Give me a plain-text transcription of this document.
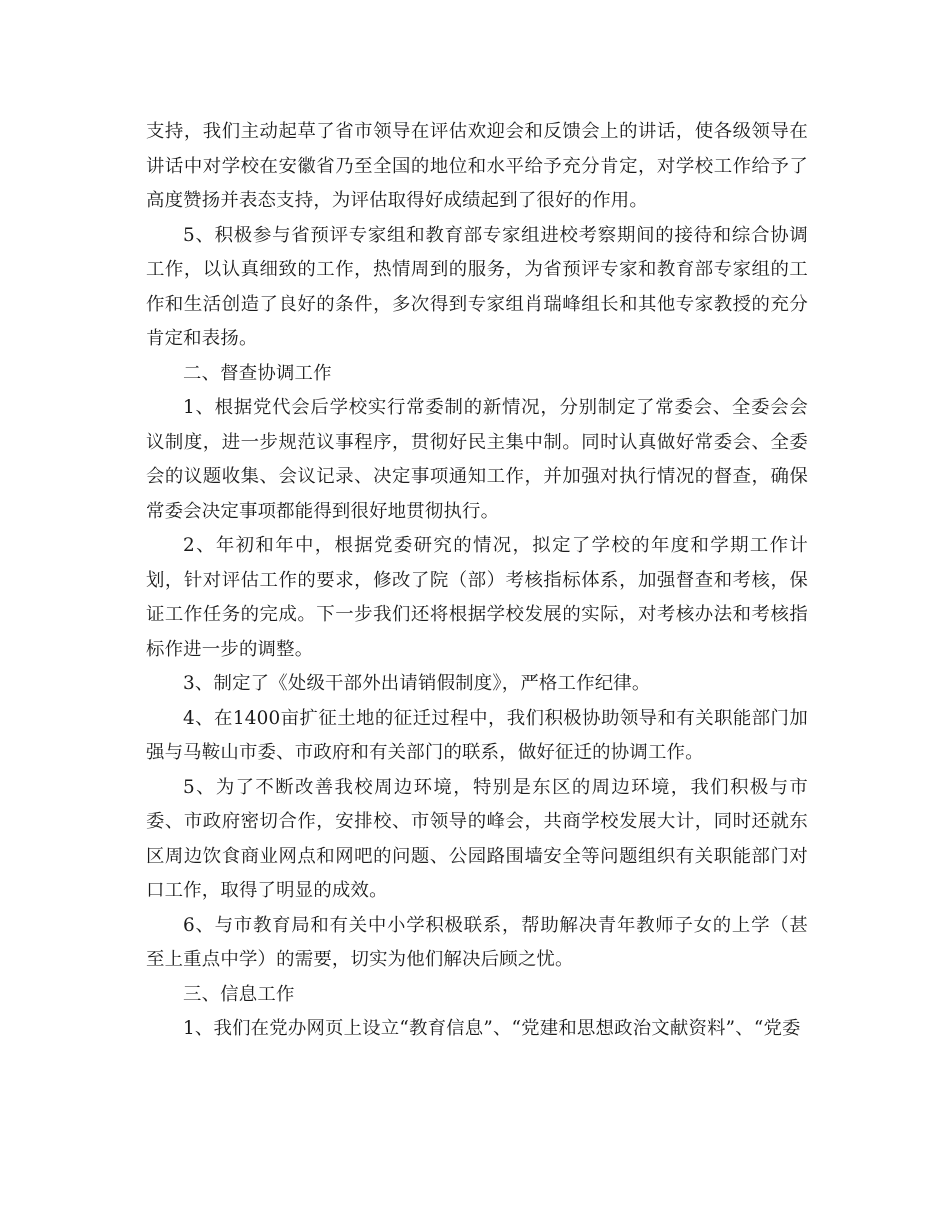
支持，我们主动起草了省市领导在评估欢迎会和反馈会上的讲话，使各级领导在讲话中对学校在安徽省乃至全国的地位和水平给予充分肯定，对学校工作给予了高度赞扬并表态支持，为评估取得好成绩起到了很好的作用。

5、积极参与省预评专家组和教育部专家组进校考察期间的接待和综合协调工作，以认真细致的工作，热情周到的服务，为省预评专家和教育部专家组的工作和生活创造了良好的条件，多次得到专家组肖瑞峰组长和其他专家教授的充分肯定和表扬。

二、督查协调工作

1、根据党代会后学校实行常委制的新情况，分别制定了常委会、全委会会议制度，进一步规范议事程序，贯彻好民主集中制。同时认真做好常委会、全委会的议题收集、会议记录、决定事项通知工作，并加强对执行情况的督查，确保常委会决定事项都能得到很好地贯彻执行。

2、年初和年中，根据党委研究的情况，拟定了学校的年度和学期工作计划，针对评估工作的要求，修改了院（部）考核指标体系，加强督查和考核，保证工作任务的完成。下一步我们还将根据学校发展的实际，对考核办法和考核指标作进一步的调整。

3、制定了《处级干部外出请销假制度》，严格工作纪律。

4、在1400亩扩征土地的征迁过程中，我们积极协助领导和有关职能部门加强与马鞍山市委、市政府和有关部门的联系，做好征迁的协调工作。

5、为了不断改善我校周边环境，特别是东区的周边环境，我们积极与市委、市政府密切合作，安排校、市领导的峰会，共商学校发展大计，同时还就东区周边饮食商业网点和网吧的问题、公园路围墙安全等问题组织有关职能部门对口工作，取得了明显的成效。

6、与市教育局和有关中小学积极联系，帮助解决青年教师子女的上学（甚至上重点中学）的需要，切实为他们解决后顾之忧。

三、信息工作

1、我们在党办网页上设立“教育信息”、“党建和思想政治文献资料”、“党委
